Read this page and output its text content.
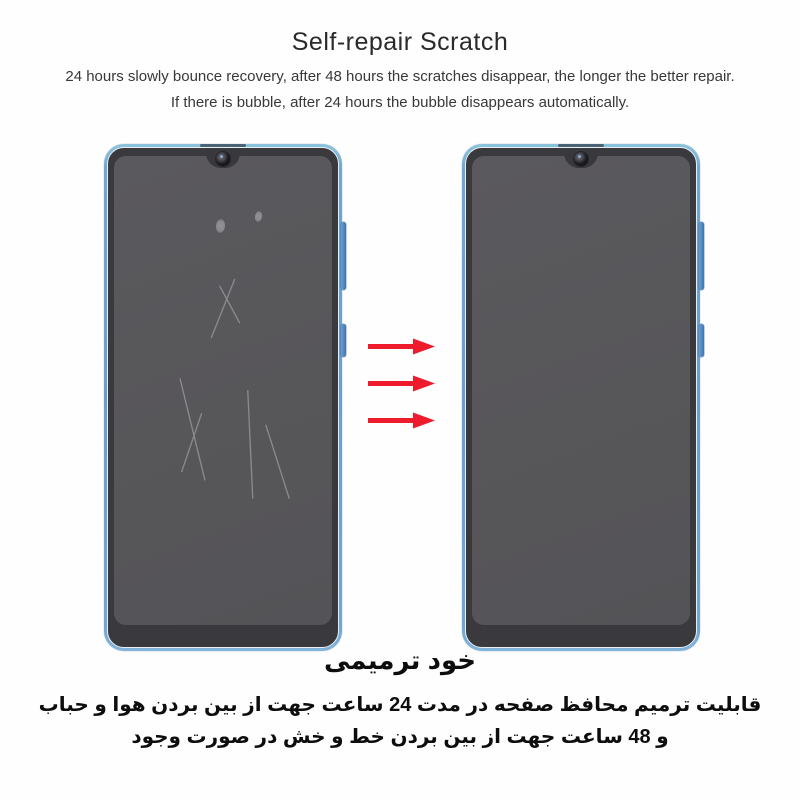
Self-repair Scratch

24 hours slowly bounce recovery, after 48 hours the scratches disappear, the longer the better repair.

If there is bubble, after 24 hours the bubble disappears automatically.

خود ترمیمی

قابلیت ترمیم محافظ صفحه در مدت 24 ساعت جهت از بین بردن هوا و حباب

و 48 ساعت جهت از بین بردن خط و خش در صورت وجود
